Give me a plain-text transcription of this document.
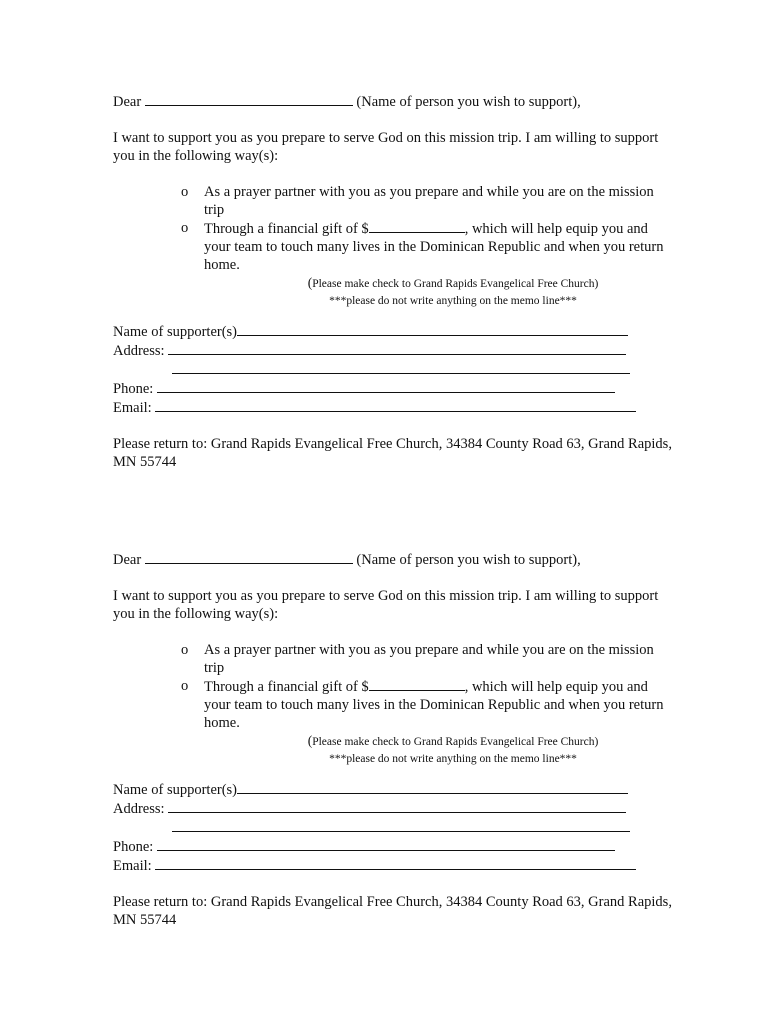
Dear	(Name of person you wish to support),
I want to support you as you prepare to serve God on this mission trip. I am willing to support you in the following way(s):
o As a prayer partner with you as you prepare and while you are on the mission trip
o Through a financial gift of $	, which will help equip you and your team to touch many lives in the Dominican Republic and when you return home.
(Please make check to Grand Rapids Evangelical Free Church)
***please do not write anything on the memo line***
Name of supporter(s)
Address:
Phone:
Email:
Please return to: Grand Rapids Evangelical Free Church, 34384 County Road 63, Grand Rapids, MN 55744
Dear	(Name of person you wish to support),
I want to support you as you prepare to serve God on this mission trip. I am willing to support you in the following way(s):
o As a prayer partner with you as you prepare and while you are on the mission trip
o Through a financial gift of $	, which will help equip you and your team to touch many lives in the Dominican Republic and when you return home.
(Please make check to Grand Rapids Evangelical Free Church)
***please do not write anything on the memo line***
Name of supporter(s)
Address:
Phone:
Email:
Please return to: Grand Rapids Evangelical Free Church, 34384 County Road 63, Grand Rapids, MN 55744
